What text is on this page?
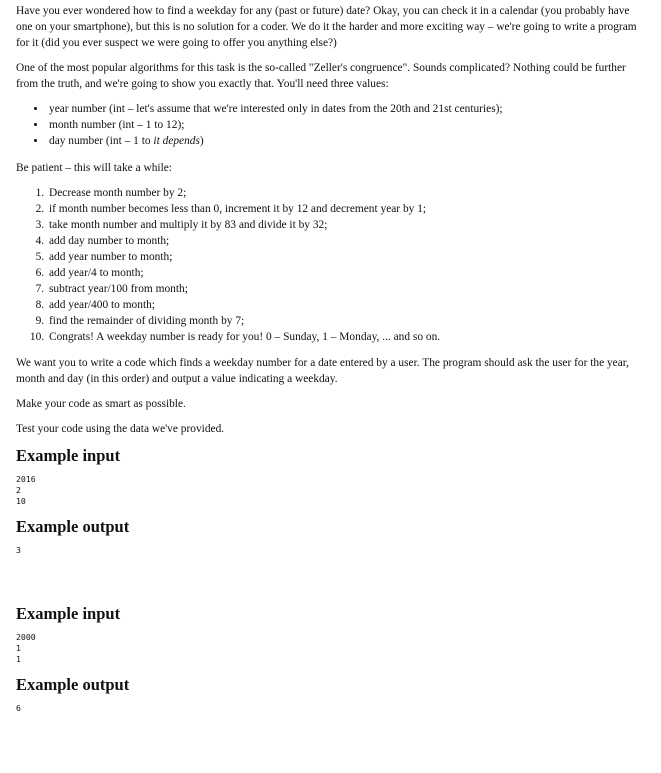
Have you ever wondered how to find a weekday for any (past or future) date? Okay, you can check it in a calendar (you probably have one on your smartphone), but this is no solution for a coder. We do it the harder and more exciting way – we're going to write a program for it (did you ever suspect we were going to offer you anything else?)

One of the most popular algorithms for this task is the so-called "Zeller's congruence". Sounds complicated? Nothing could be further from the truth, and we're going to show you exactly that. You'll need three values:

• year number (int – let's assume that we're interested only in dates from the 20th and 21st centuries);
• month number (int – 1 to 12);
• day number (int – 1 to it depends)

Be patient – this will take a while:

1. Decrease month number by 2;
2. if month number becomes less than 0, increment it by 12 and decrement year by 1;
3. take month number and multiply it by 83 and divide it by 32;
4. add day number to month;
5. add year number to month;
6. add year/4 to month;
7. subtract year/100 from month;
8. add year/400 to month;
9. find the remainder of dividing month by 7;
10. Congrats! A weekday number is ready for you! 0 – Sunday, 1 – Monday, ... and so on.

We want you to write a code which finds a weekday number for a date entered by a user. The program should ask the user for the year, month and day (in this order) and output a value indicating a weekday.

Make your code as smart as possible.

Test your code using the data we've provided.

Example input
2016
2
10
Example output
3
Example input
2000
1
1
Example output
6
